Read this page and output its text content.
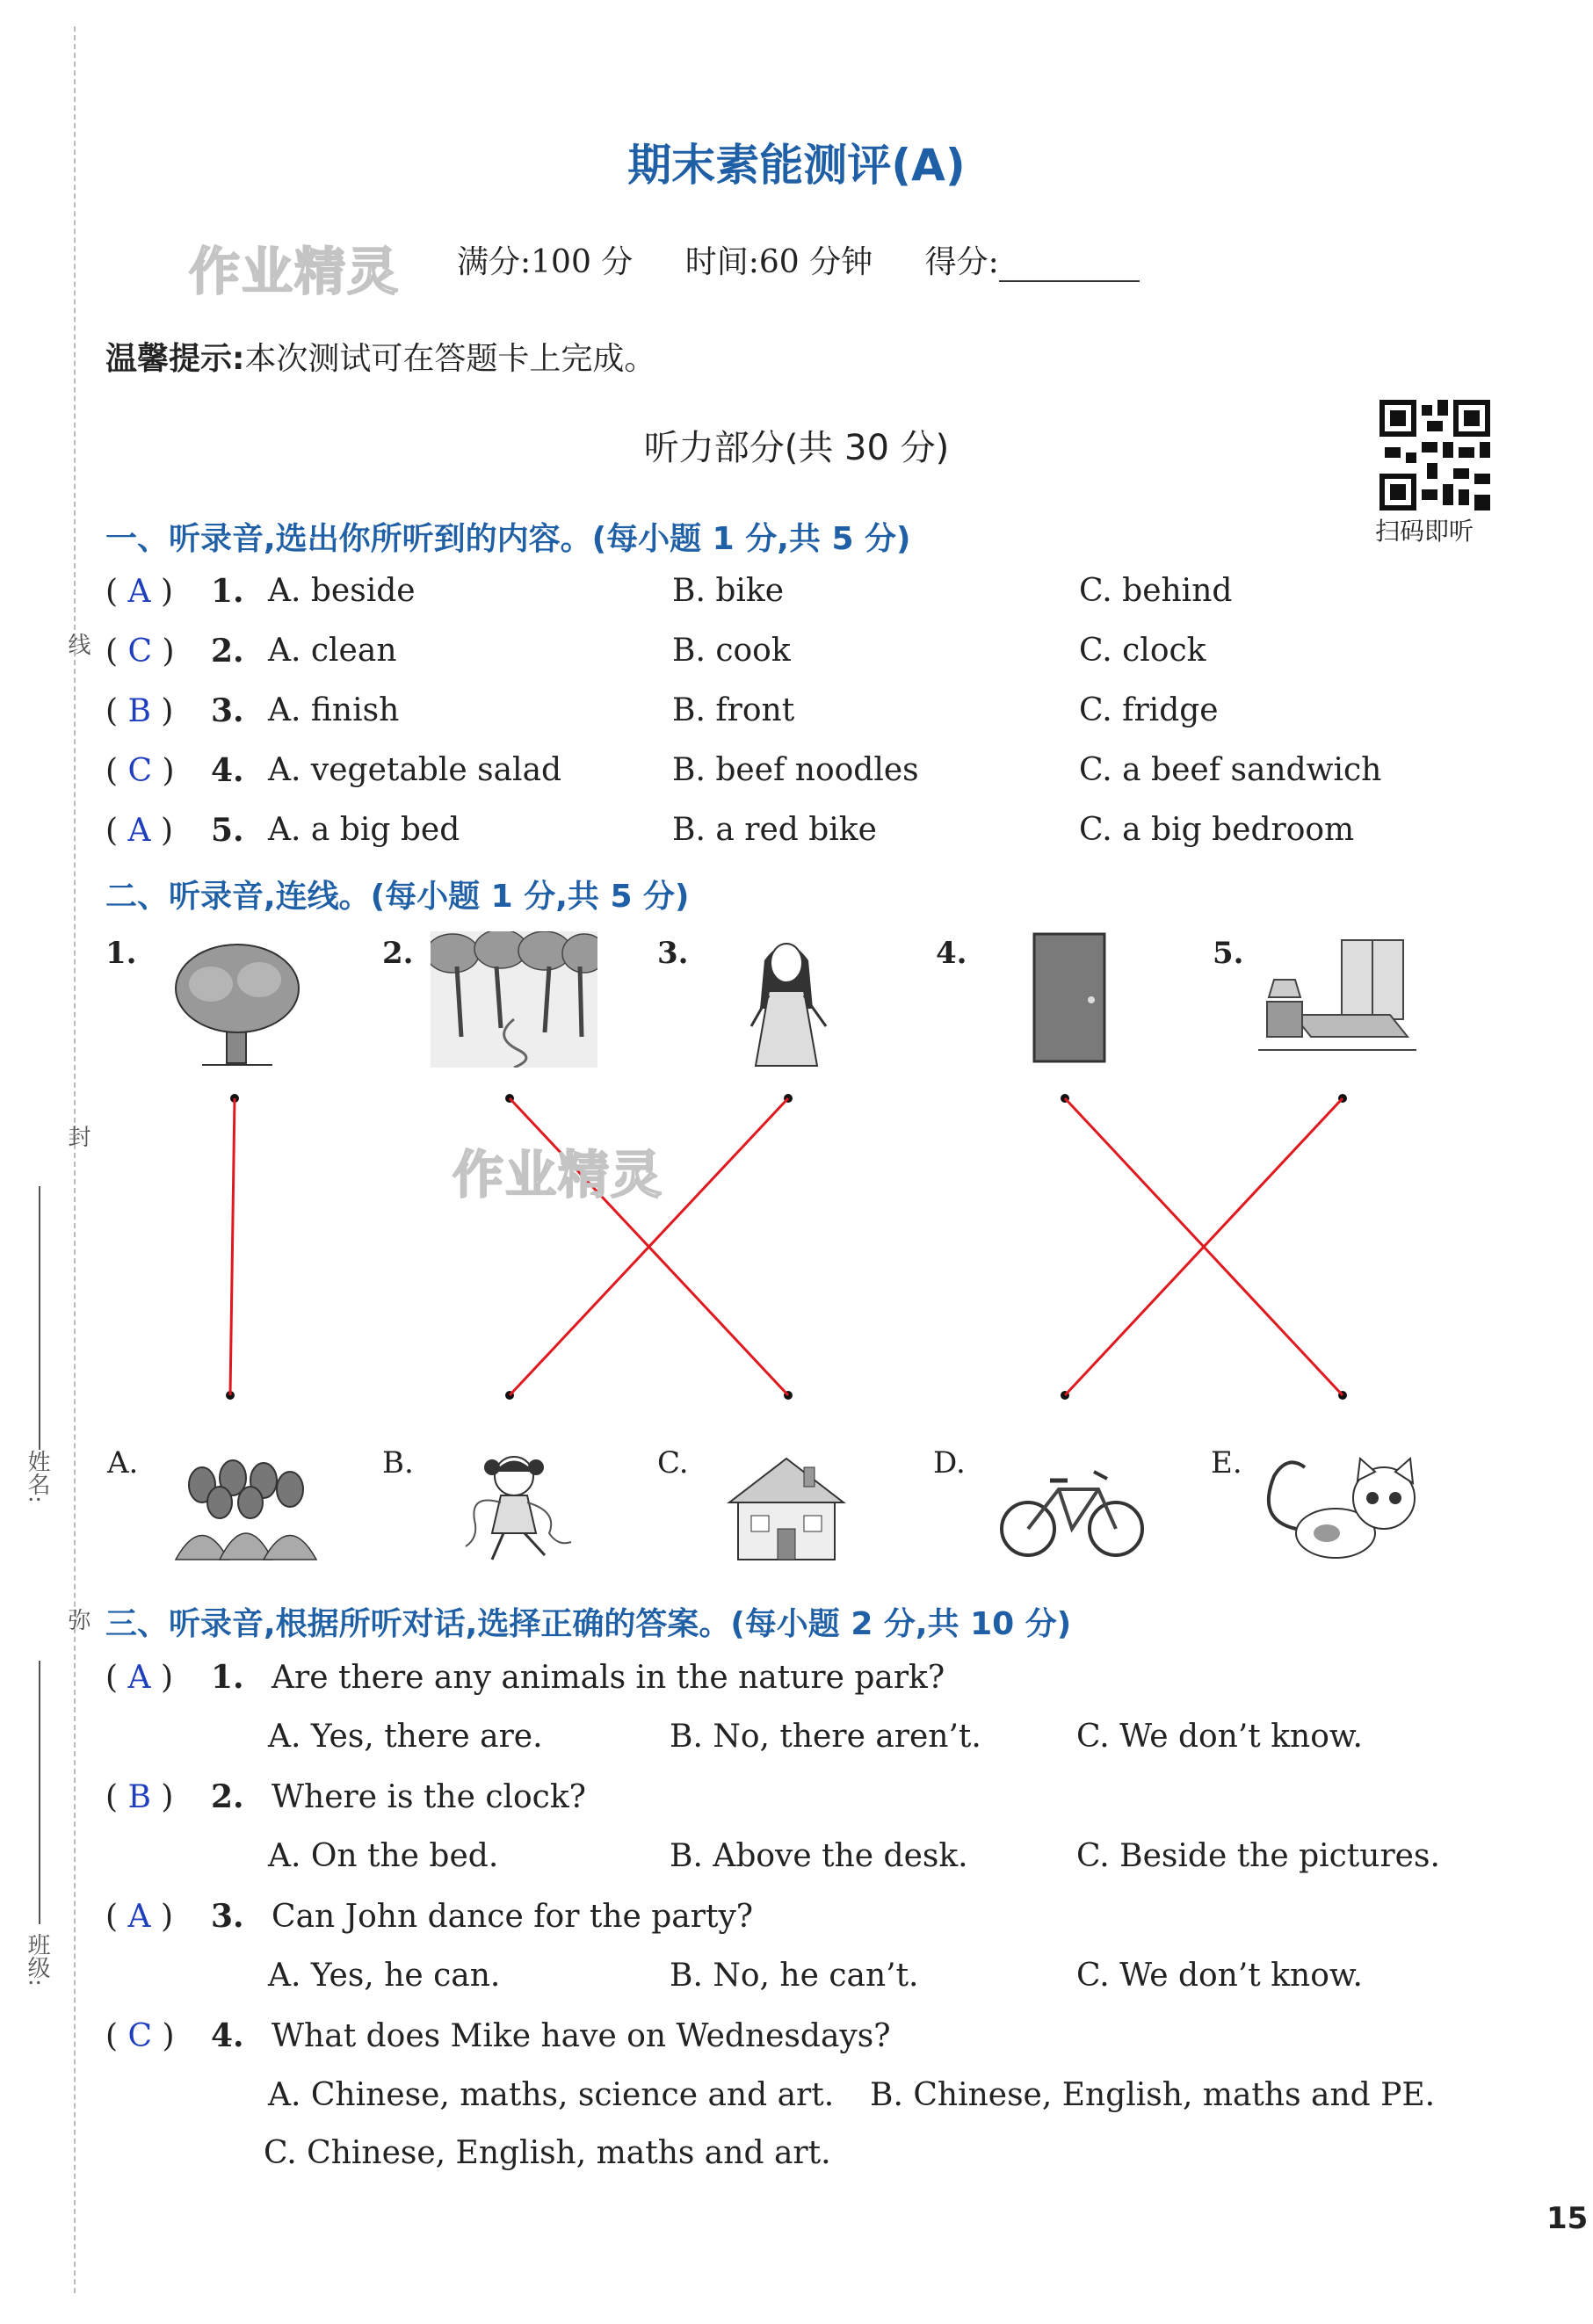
线
封
弥
姓名:
班级:
期末素能测评(A)
作业精灵 满分:100 分 时间:60 分钟 得分:
温馨提示:本次测试可在答题卡上完成。
听力部分(共 30 分)
扫码即听
一、听录音,选出你所听到的内容。(每小题 1 分,共 5 分)
( A ) 1. A. beside	B. bike	C. behind
( C ) 2. A. clean	B. cook	C. clock
( B ) 3. A. finish	B. front	C. fridge
( C ) 4. A. vegetable salad	B. beef noodles	C. a beef sandwich
( A ) 5. A. a big bed	B. a red bike	C. a big bedroom
二、听录音,连线。(每小题 1 分,共 5 分)
1.	2.	3.	4.	5.
作业精灵
A.	B.	C.	D.	E.
三、听录音,根据所听对话,选择正确的答案。(每小题 2 分,共 10 分)
( A ) 1. Are there any animals in the nature park?
A. Yes, there are.	B. No, there aren’t.	C. We don’t know.
( B ) 2. Where is the clock?
A. On the bed.	B. Above the desk.	C. Beside the pictures.
( A ) 3. Can John dance for the party?
A. Yes, he can.	B. No, he can’t.	C. We don’t know.
( C ) 4. What does Mike have on Wednesdays?
A. Chinese, maths, science and art. B. Chinese, English, maths and PE.
C. Chinese, English, maths and art.
15
